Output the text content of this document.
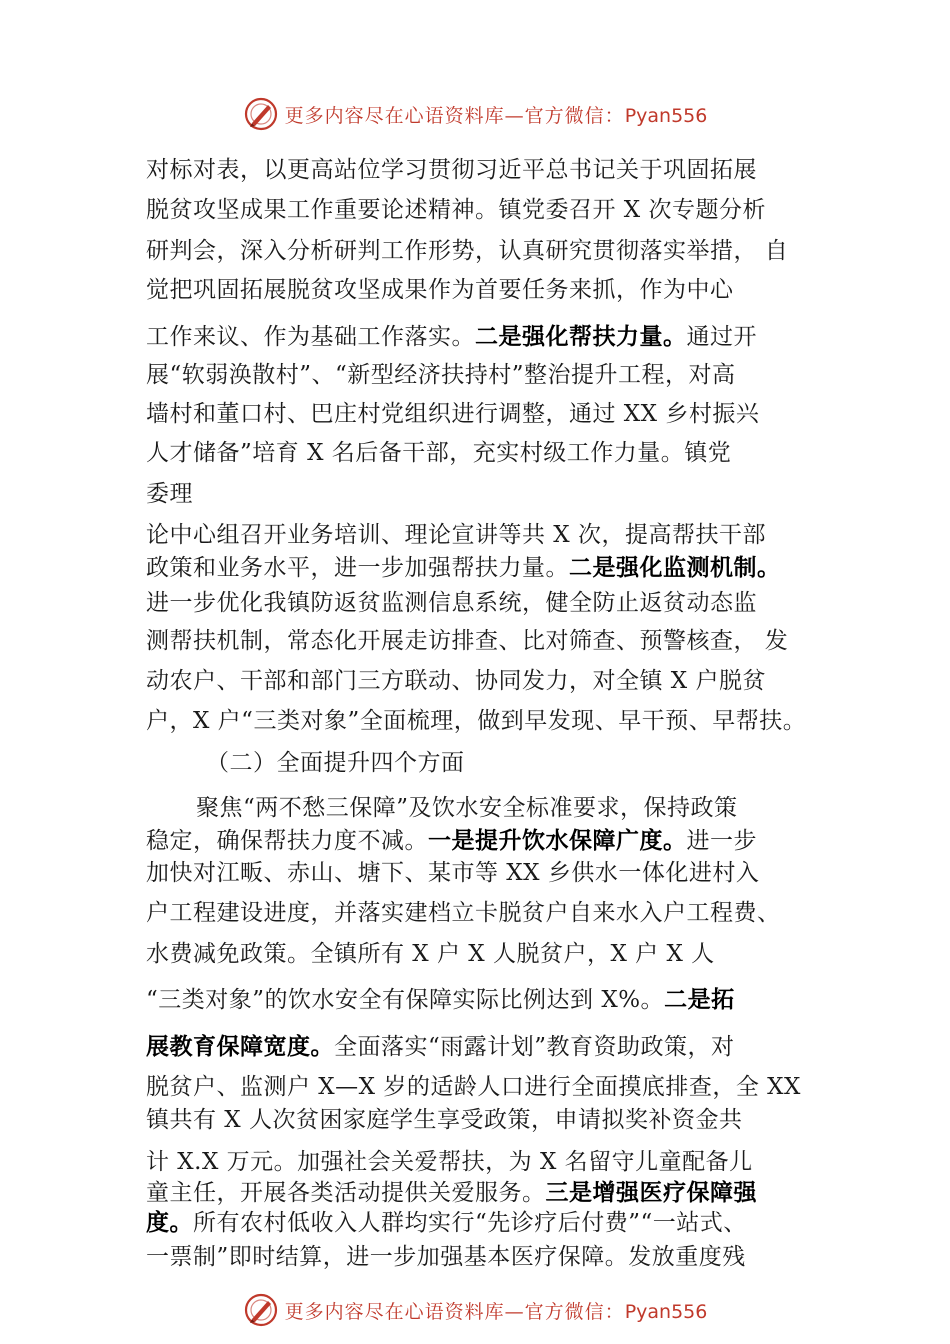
更多内容尽在心语资料库—官方微信：Pyan556
对标对表，以更高站位学习贯彻习近平总书记关于巩固拓展
脱贫攻坚成果工作重要论述精神。镇党委召开 X 次专题分析
研判会，深入分析研判工作形势，认真研究贯彻落实举措， 自
觉把巩固拓展脱贫攻坚成果作为首要任务来抓，作为中心
工作来议、作为基础工作落实。二是强化帮扶力量。通过开
展“软弱涣散村”、“新型经济扶持村”整治提升工程，对高
墙村和董口村、巴庄村党组织进行调整，通过 XX 乡村振兴
人才储备”培育 X 名后备干部，充实村级工作力量。镇党
委理
论中心组召开业务培训、理论宣讲等共 X 次，提高帮扶干部
政策和业务水平，进一步加强帮扶力量。二是强化监测机制。
进一步优化我镇防返贫监测信息系统，健全防止返贫动态监
测帮扶机制，常态化开展走访排查、比对筛查、预警核查， 发
动农户、干部和部门三方联动、协同发力，对全镇 X 户脱贫
户，X 户“三类对象”全面梳理，做到早发现、早干预、早帮扶。
（二）全面提升四个方面
聚焦“两不愁三保障”及饮水安全标准要求，保持政策
稳定，确保帮扶力度不减。一是提升饮水保障广度。进一步
加快对江畈、赤山、塘下、某市等 XX 乡供水一体化进村入
户工程建设进度，并落实建档立卡脱贫户自来水入户工程费、
水费减免政策。全镇所有 X 户 X 人脱贫户，X 户 X 人
“三类对象”的饮水安全有保障实际比例达到 X%。二是拓
展教育保障宽度。全面落实“雨露计划”教育资助政策，对
脱贫户、监测户 X—X 岁的适龄人口进行全面摸底排查，全 XX
镇共有 X 人次贫困家庭学生享受政策，申请拟奖补资金共
计 X.X 万元。加强社会关爱帮扶，为 X 名留守儿童配备儿
童主任，开展各类活动提供关爱服务。三是增强医疗保障强
度。所有农村低收入人群均实行“先诊疗后付费”“一站式、
一票制”即时结算，进一步加强基本医疗保障。发放重度残
更多内容尽在心语资料库—官方微信：Pyan556
